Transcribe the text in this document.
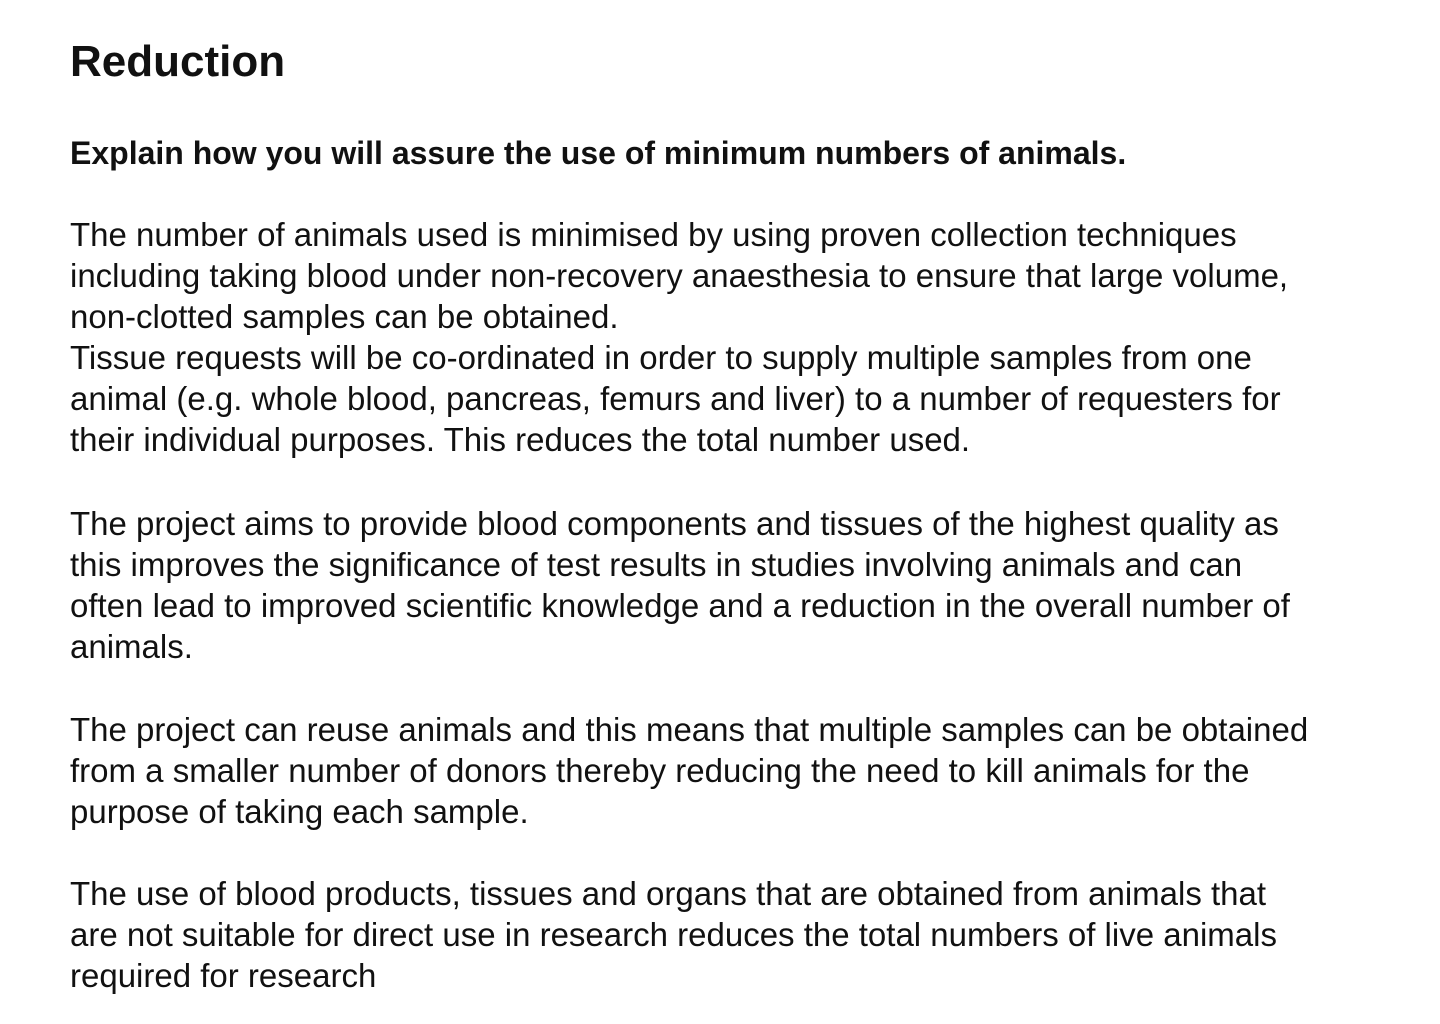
Reduction
Explain how you will assure the use of minimum numbers of animals.

The number of animals used is minimised by using proven collection techniques
including taking blood under non-recovery anaesthesia to ensure that large volume,
non-clotted samples can be obtained.
Tissue requests will be co-ordinated in order to supply multiple samples from one
animal (e.g. whole blood, pancreas, femurs and liver) to a number of requesters for
their individual purposes. This reduces the total number used.

The project aims to provide blood components and tissues of the highest quality as
this improves the significance of test results in studies involving animals and can
often lead to improved scientific knowledge and a reduction in the overall number of
animals.

The project can reuse animals and this means that multiple samples can be obtained
from a smaller number of donors thereby reducing the need to kill animals for the
purpose of taking each sample.

The use of blood products, tissues and organs that are obtained from animals that
are not suitable for direct use in research reduces the total numbers of live animals
required for research
